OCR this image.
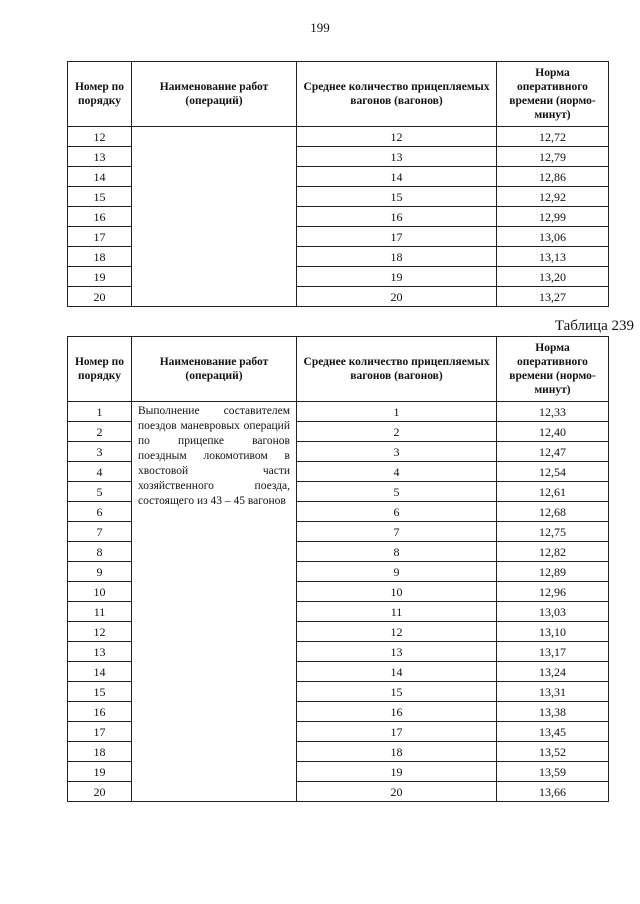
199
Номер по порядку	Наименование работ (операций)	Среднее количество прицепляемых вагонов (вагонов)	Норма оперативного времени (нормо-минут)
12		12	12,72
13		13	12,79
14		14	12,86
15		15	12,92
16		16	12,99
17		17	13,06
18		18	13,13
19		19	13,20
20		20	13,27
Таблица 239
Номер по порядку	Наименование работ (операций)	Среднее количество прицепляемых вагонов (вагонов)	Норма оперативного времени (нормо-минут)
1	Выполнение составителем поездов маневровых операций по прицепке вагонов поездным локомотивом в хвостовой части хозяйственного поезда, состоящего из 43 – 45 вагонов	1	12,33
2		2	12,40
3		3	12,47
4		4	12,54
5		5	12,61
6		6	12,68
7		7	12,75
8		8	12,82
9		9	12,89
10		10	12,96
11		11	13,03
12		12	13,10
13		13	13,17
14		14	13,24
15		15	13,31
16		16	13,38
17		17	13,45
18		18	13,52
19		19	13,59
20		20	13,66
